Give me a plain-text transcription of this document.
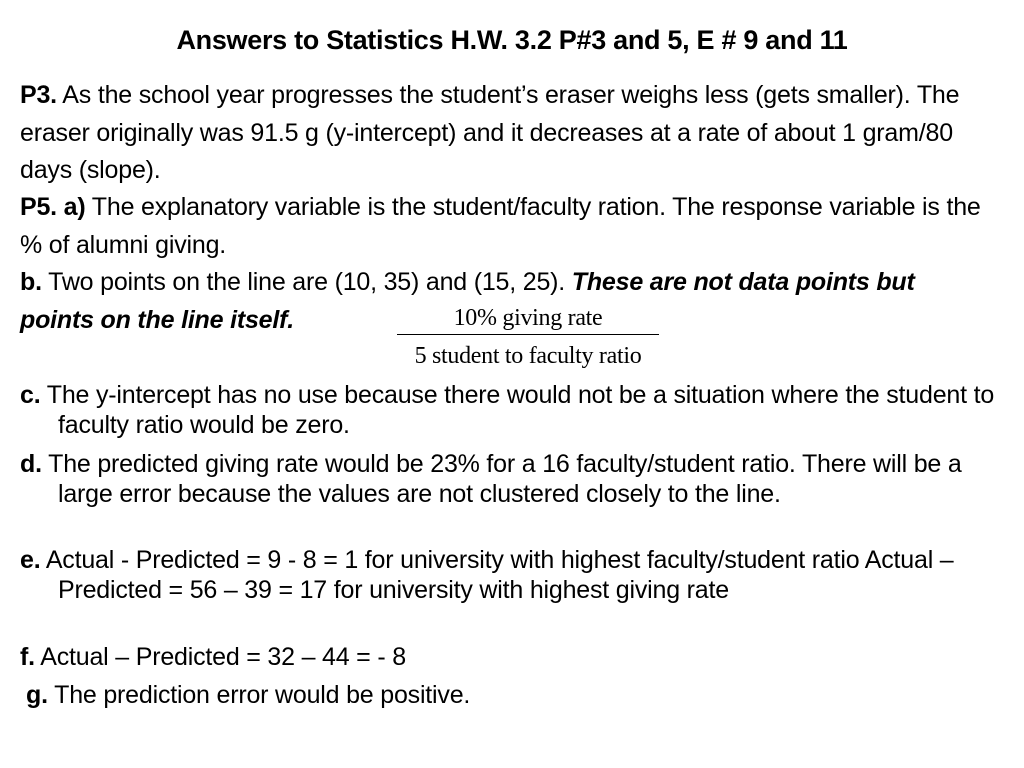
Answers to Statistics H.W. 3.2 P#3 and 5, E # 9 and 11
P3. As the school year progresses the student’s eraser weighs less (gets smaller). The eraser originally was 91.5 g (y-intercept) and it decreases at a rate of about 1 gram/80 days (slope).
P5. a) The explanatory variable is the student/faculty ration. The response variable is the % of alumni giving.
b. Two points on the line are (10, 35) and (15, 25). These are not data points but points on the line itself.	10% giving rate
5 student to faculty ratio
c. The y-intercept has no use because there would not be a situation where the student to faculty ratio would be zero.
d. The predicted giving rate would be 23% for a 16 faculty/student ratio. There will be a large error because the values are not clustered closely to the line.
e. Actual - Predicted = 9 - 8 = 1 for university with highest faculty/student ratio Actual – Predicted = 56 – 39 = 17 for university with highest giving rate
f. Actual – Predicted = 32 – 44 = - 8
g. The prediction error would be positive.
